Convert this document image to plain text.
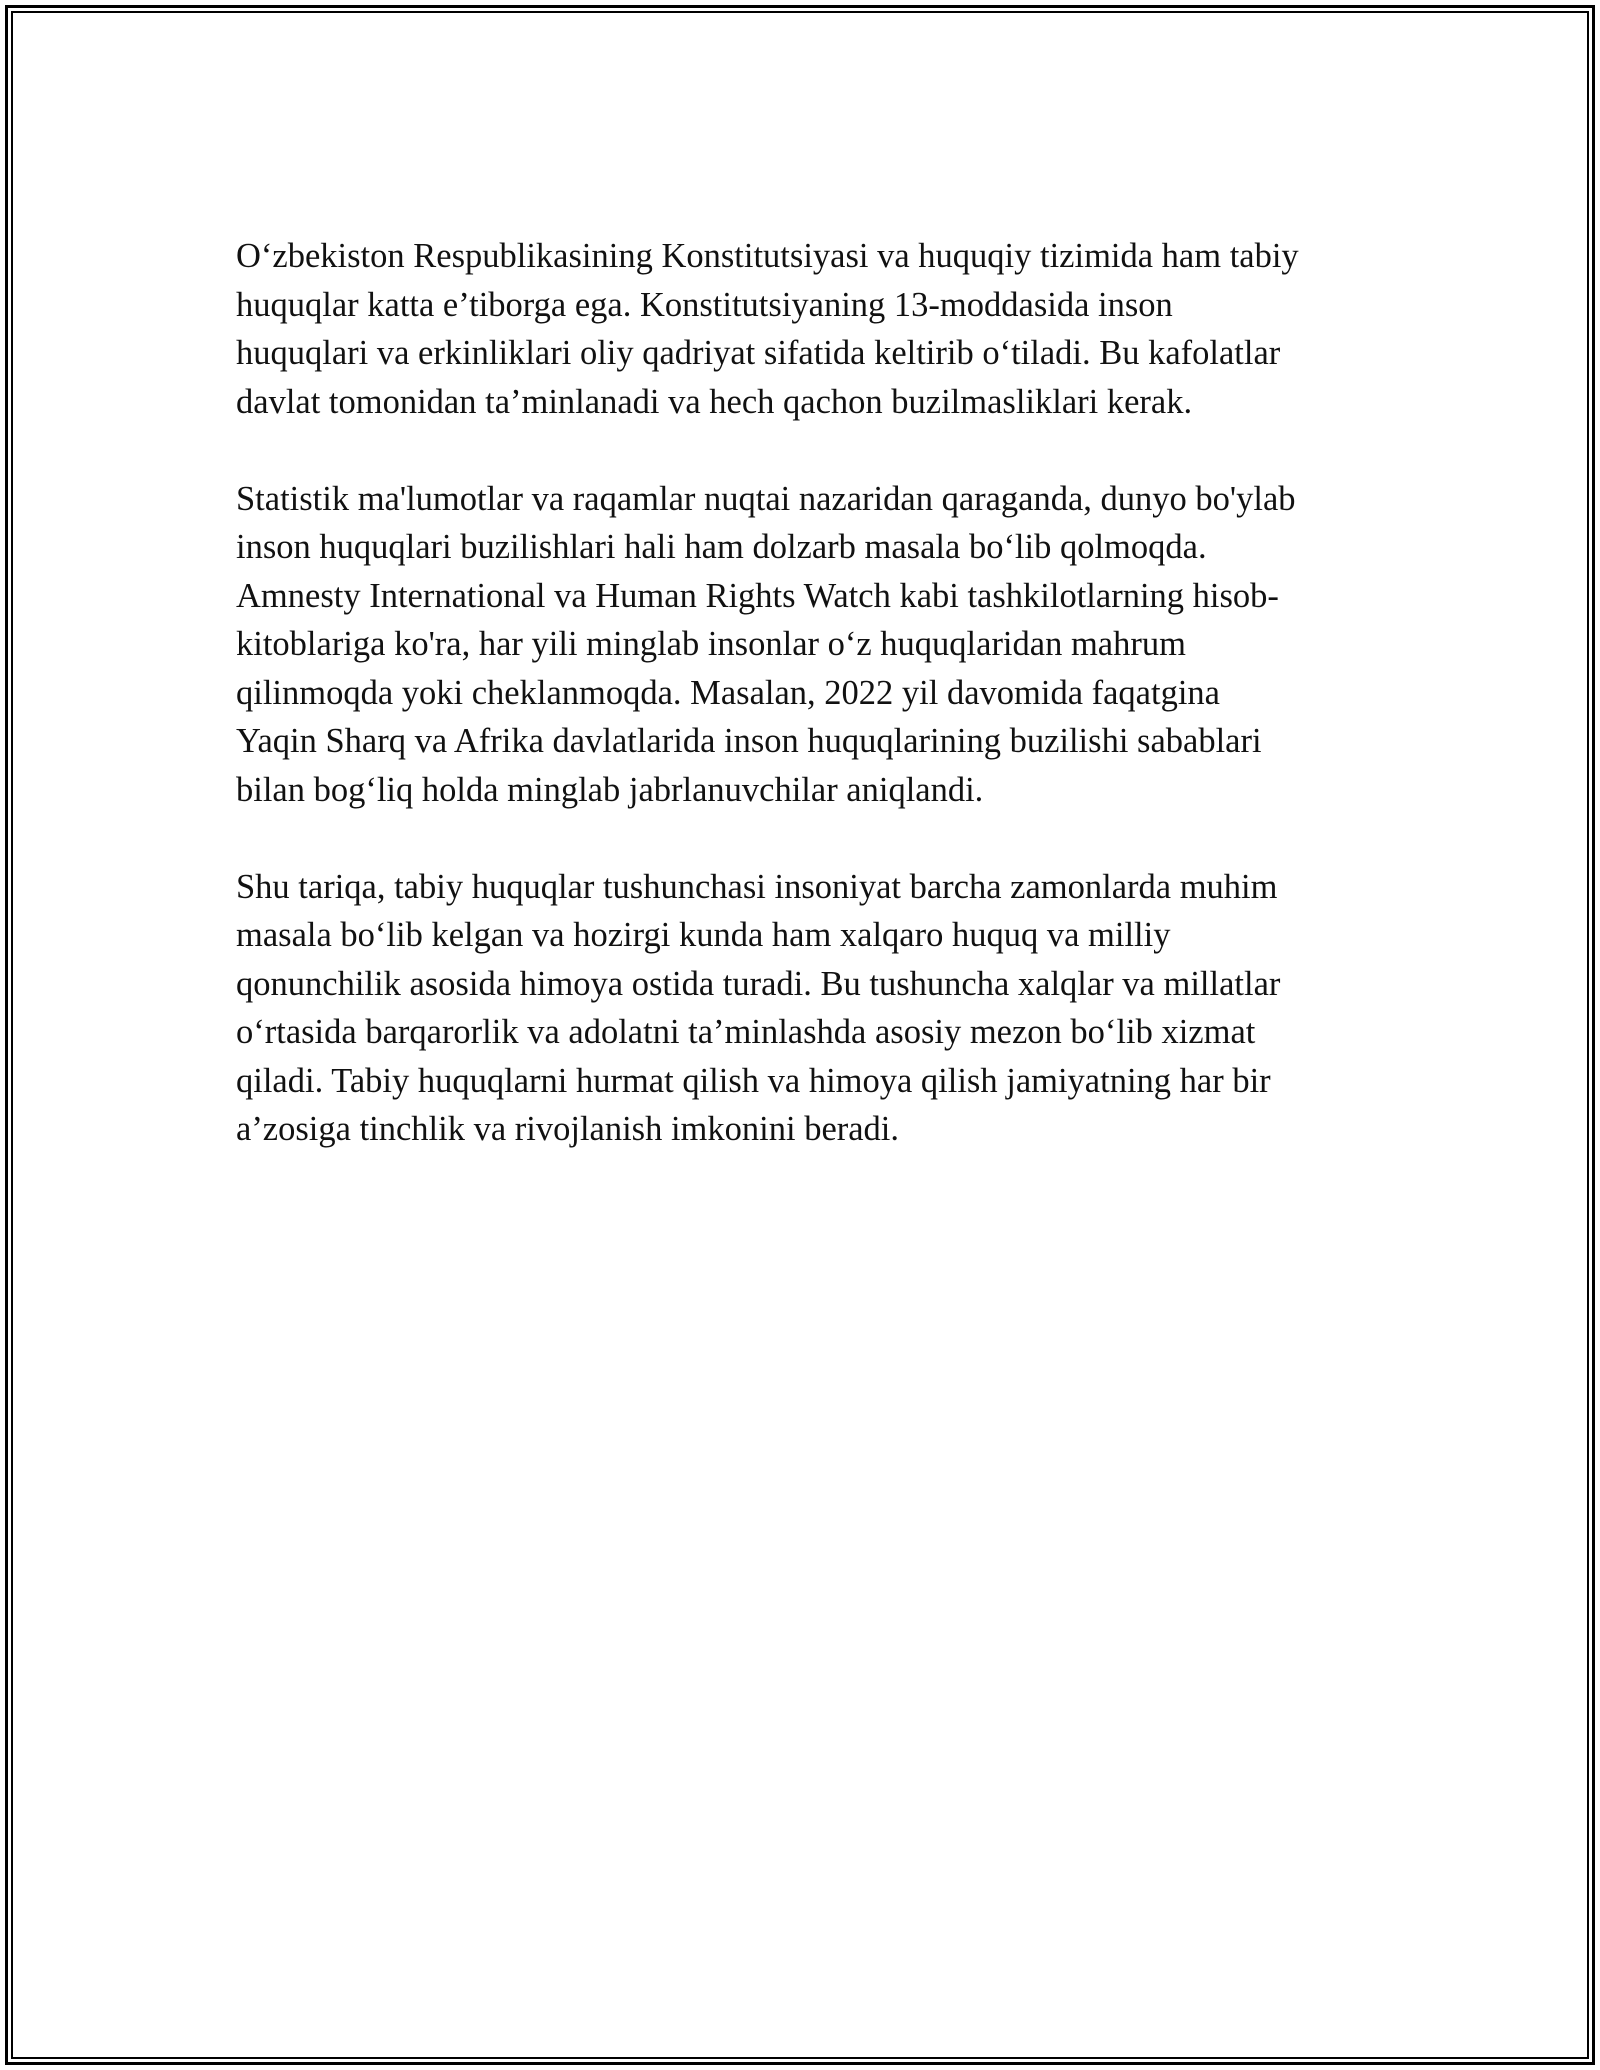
O‘zbekiston Respublikasining Konstitutsiyasi va huquqiy tizimida ham tabiy
huquqlar katta e’tiborga ega. Konstitutsiyaning 13-moddasida inson
huquqlari va erkinliklari oliy qadriyat sifatida keltirib o‘tiladi. Bu kafolatlar
davlat tomonidan ta’minlanadi va hech qachon buzilmasliklari kerak.

Statistik ma'lumotlar va raqamlar nuqtai nazaridan qaraganda, dunyo bo'ylab
inson huquqlari buzilishlari hali ham dolzarb masala bo‘lib qolmoqda.
Amnesty International va Human Rights Watch kabi tashkilotlarning hisob-
kitoblariga ko'ra, har yili minglab insonlar o‘z huquqlaridan mahrum
qilinmoqda yoki cheklanmoqda. Masalan, 2022 yil davomida faqatgina
Yaqin Sharq va Afrika davlatlarida inson huquqlarining buzilishi sabablari
bilan bog‘liq holda minglab jabrlanuvchilar aniqlandi.

Shu tariqa, tabiy huquqlar tushunchasi insoniyat barcha zamonlarda muhim
masala bo‘lib kelgan va hozirgi kunda ham xalqaro huquq va milliy
qonunchilik asosida himoya ostida turadi. Bu tushuncha xalqlar va millatlar
o‘rtasida barqarorlik va adolatni ta’minlashda asosiy mezon bo‘lib xizmat
qiladi. Tabiy huquqlarni hurmat qilish va himoya qilish jamiyatning har bir
a’zosiga tinchlik va rivojlanish imkonini beradi.
